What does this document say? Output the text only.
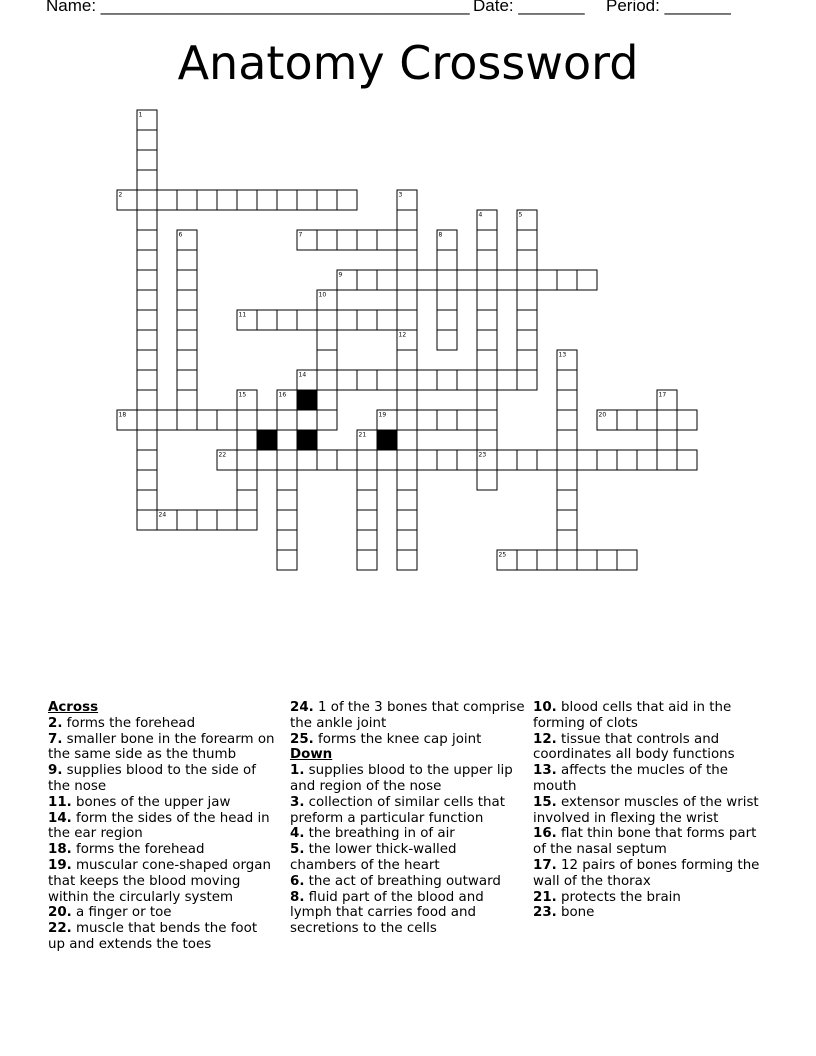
Name: _______________________________________ Date: _______ Period: _______
Anatomy Crossword
2
7
9
11
14
18	19	20
22
24
25
1
3
4	5
6	8
10
12
13
15	16	17
21
23
Across
2. forms the forehead
7. smaller bone in the forearm on the same side as the thumb
9. supplies blood to the side of the nose
11. bones of the upper jaw
14. form the sides of the head in the ear region
18. forms the forehead
19. muscular cone-shaped organ that keeps the blood moving within the circularly system
20. a finger or toe
22. muscle that bends the foot up and extends the toes
24. 1 of the 3 bones that comprise the ankle joint
25. forms the knee cap joint
Down
1. supplies blood to the upper lip and region of the nose
3. collection of similar cells that preform a particular function
4. the breathing in of air
5. the lower thick-walled chambers of the heart
6. the act of breathing outward
8. fluid part of the blood and lymph that carries food and secretions to the cells
10. blood cells that aid in the forming of clots
12. tissue that controls and coordinates all body functions
13. affects the mucles of the mouth
15. extensor muscles of the wrist involved in flexing the wrist
16. flat thin bone that forms part of the nasal septum
17. 12 pairs of bones forming the wall of the thorax
21. protects the brain
23. bone
